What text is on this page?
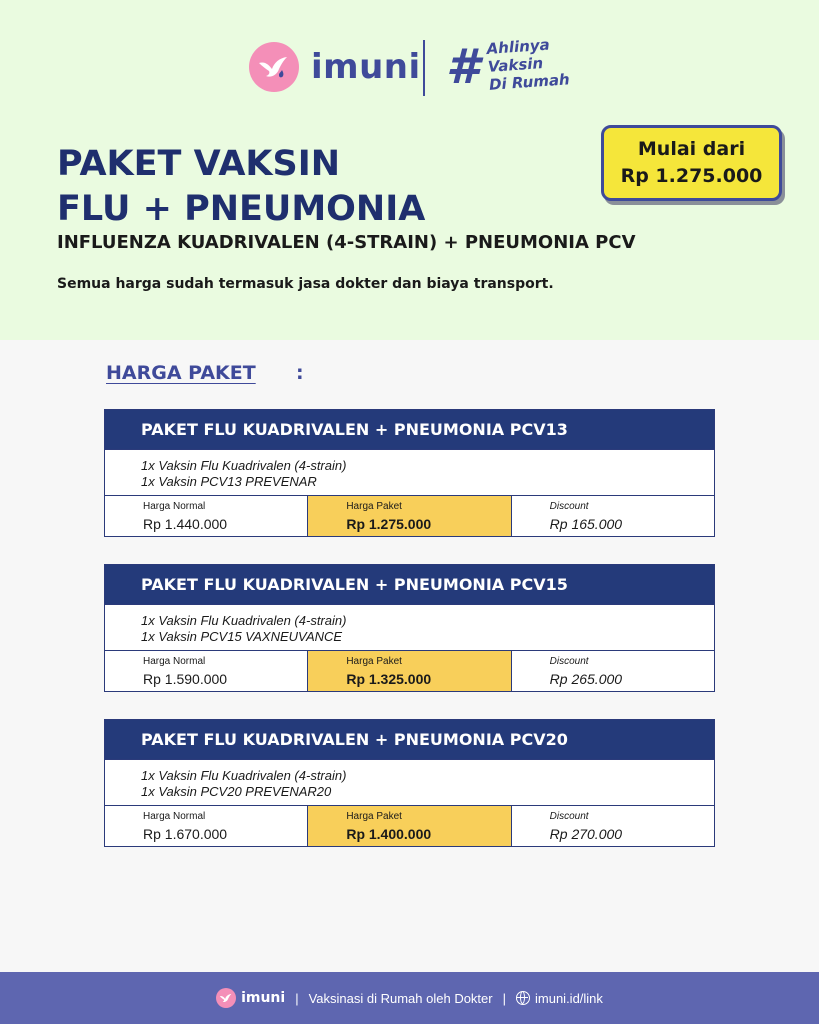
imuni # Ahlinya
Vaksin
Di Rumah
PAKET VAKSIN
FLU + PNEUMONIA
INFLUENZA KUADRIVALEN (4-STRAIN) + PNEUMONIA PCV
Semua harga sudah termasuk jasa dokter dan biaya transport.
Mulai dari
Rp 1.275.000
HARGA PAKET :
PAKET FLU KUADRIVALEN + PNEUMONIA PCV13
1x Vaksin Flu Kuadrivalen (4-strain)
1x Vaksin PCV13 PREVENAR
Harga Normal
Rp 1.440.000
Harga Paket
Rp 1.275.000
Discount
Rp 165.000
PAKET FLU KUADRIVALEN + PNEUMONIA PCV15
1x Vaksin Flu Kuadrivalen (4-strain)
1x Vaksin PCV15 VAXNEUVANCE
Harga Normal
Rp 1.590.000
Harga Paket
Rp 1.325.000
Discount
Rp 265.000
PAKET FLU KUADRIVALEN + PNEUMONIA PCV20
1x Vaksin Flu Kuadrivalen (4-strain)
1x Vaksin PCV20 PREVENAR20
Harga Normal
Rp 1.670.000
Harga Paket
Rp 1.400.000
Discount
Rp 270.000
imuni | Vaksinasi di Rumah oleh Dokter | imuni.id/link
